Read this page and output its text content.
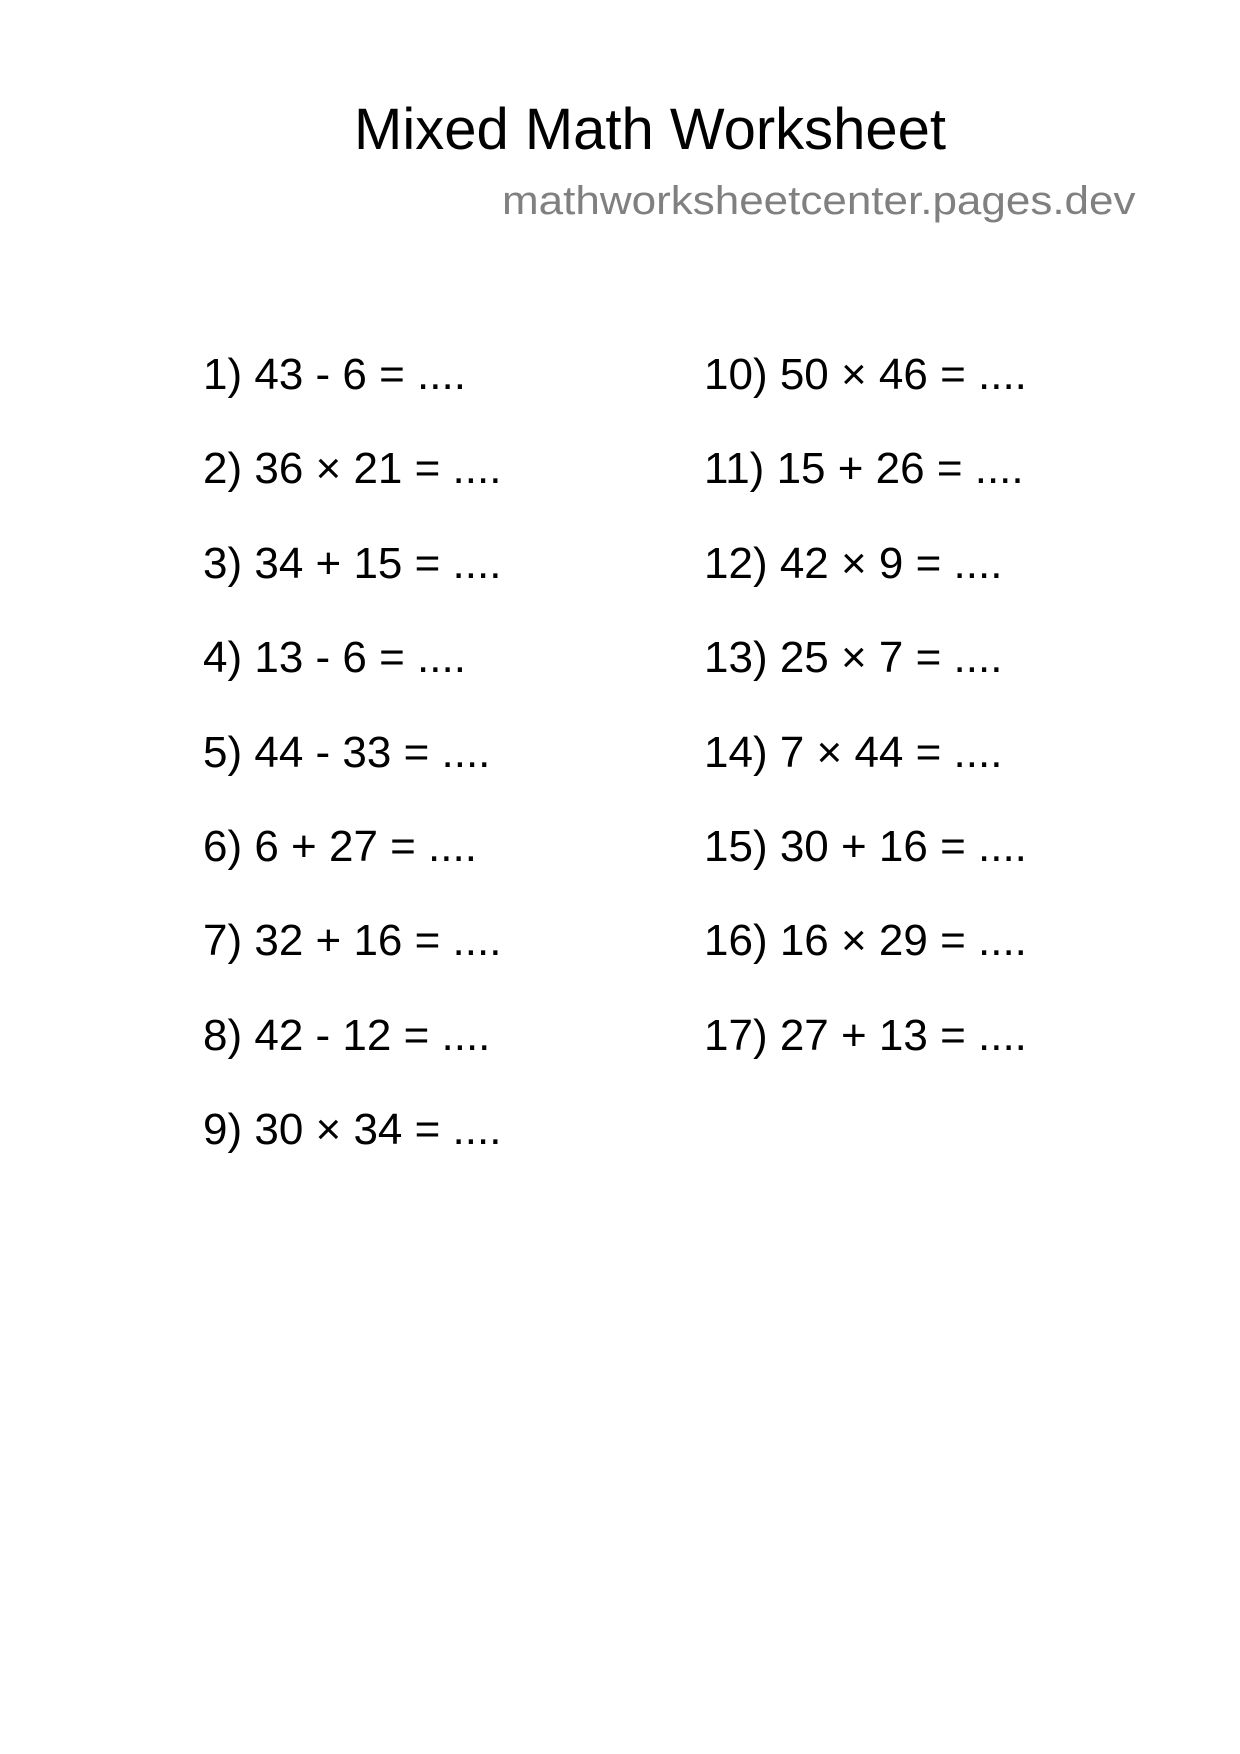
Mixed Math Worksheet
mathworksheetcenter.pages.dev
1) 43 - 6 = ....
2) 36 × 21 = ....
3) 34 + 15 = ....
4) 13 - 6 = ....
5) 44 - 33 = ....
6) 6 + 27 = ....
7) 32 + 16 = ....
8) 42 - 12 = ....
9) 30 × 34 = ....
10) 50 × 46 = ....
11) 15 + 26 = ....
12) 42 × 9 = ....
13) 25 × 7 = ....
14) 7 × 44 = ....
15) 30 + 16 = ....
16) 16 × 29 = ....
17) 27 + 13 = ....
